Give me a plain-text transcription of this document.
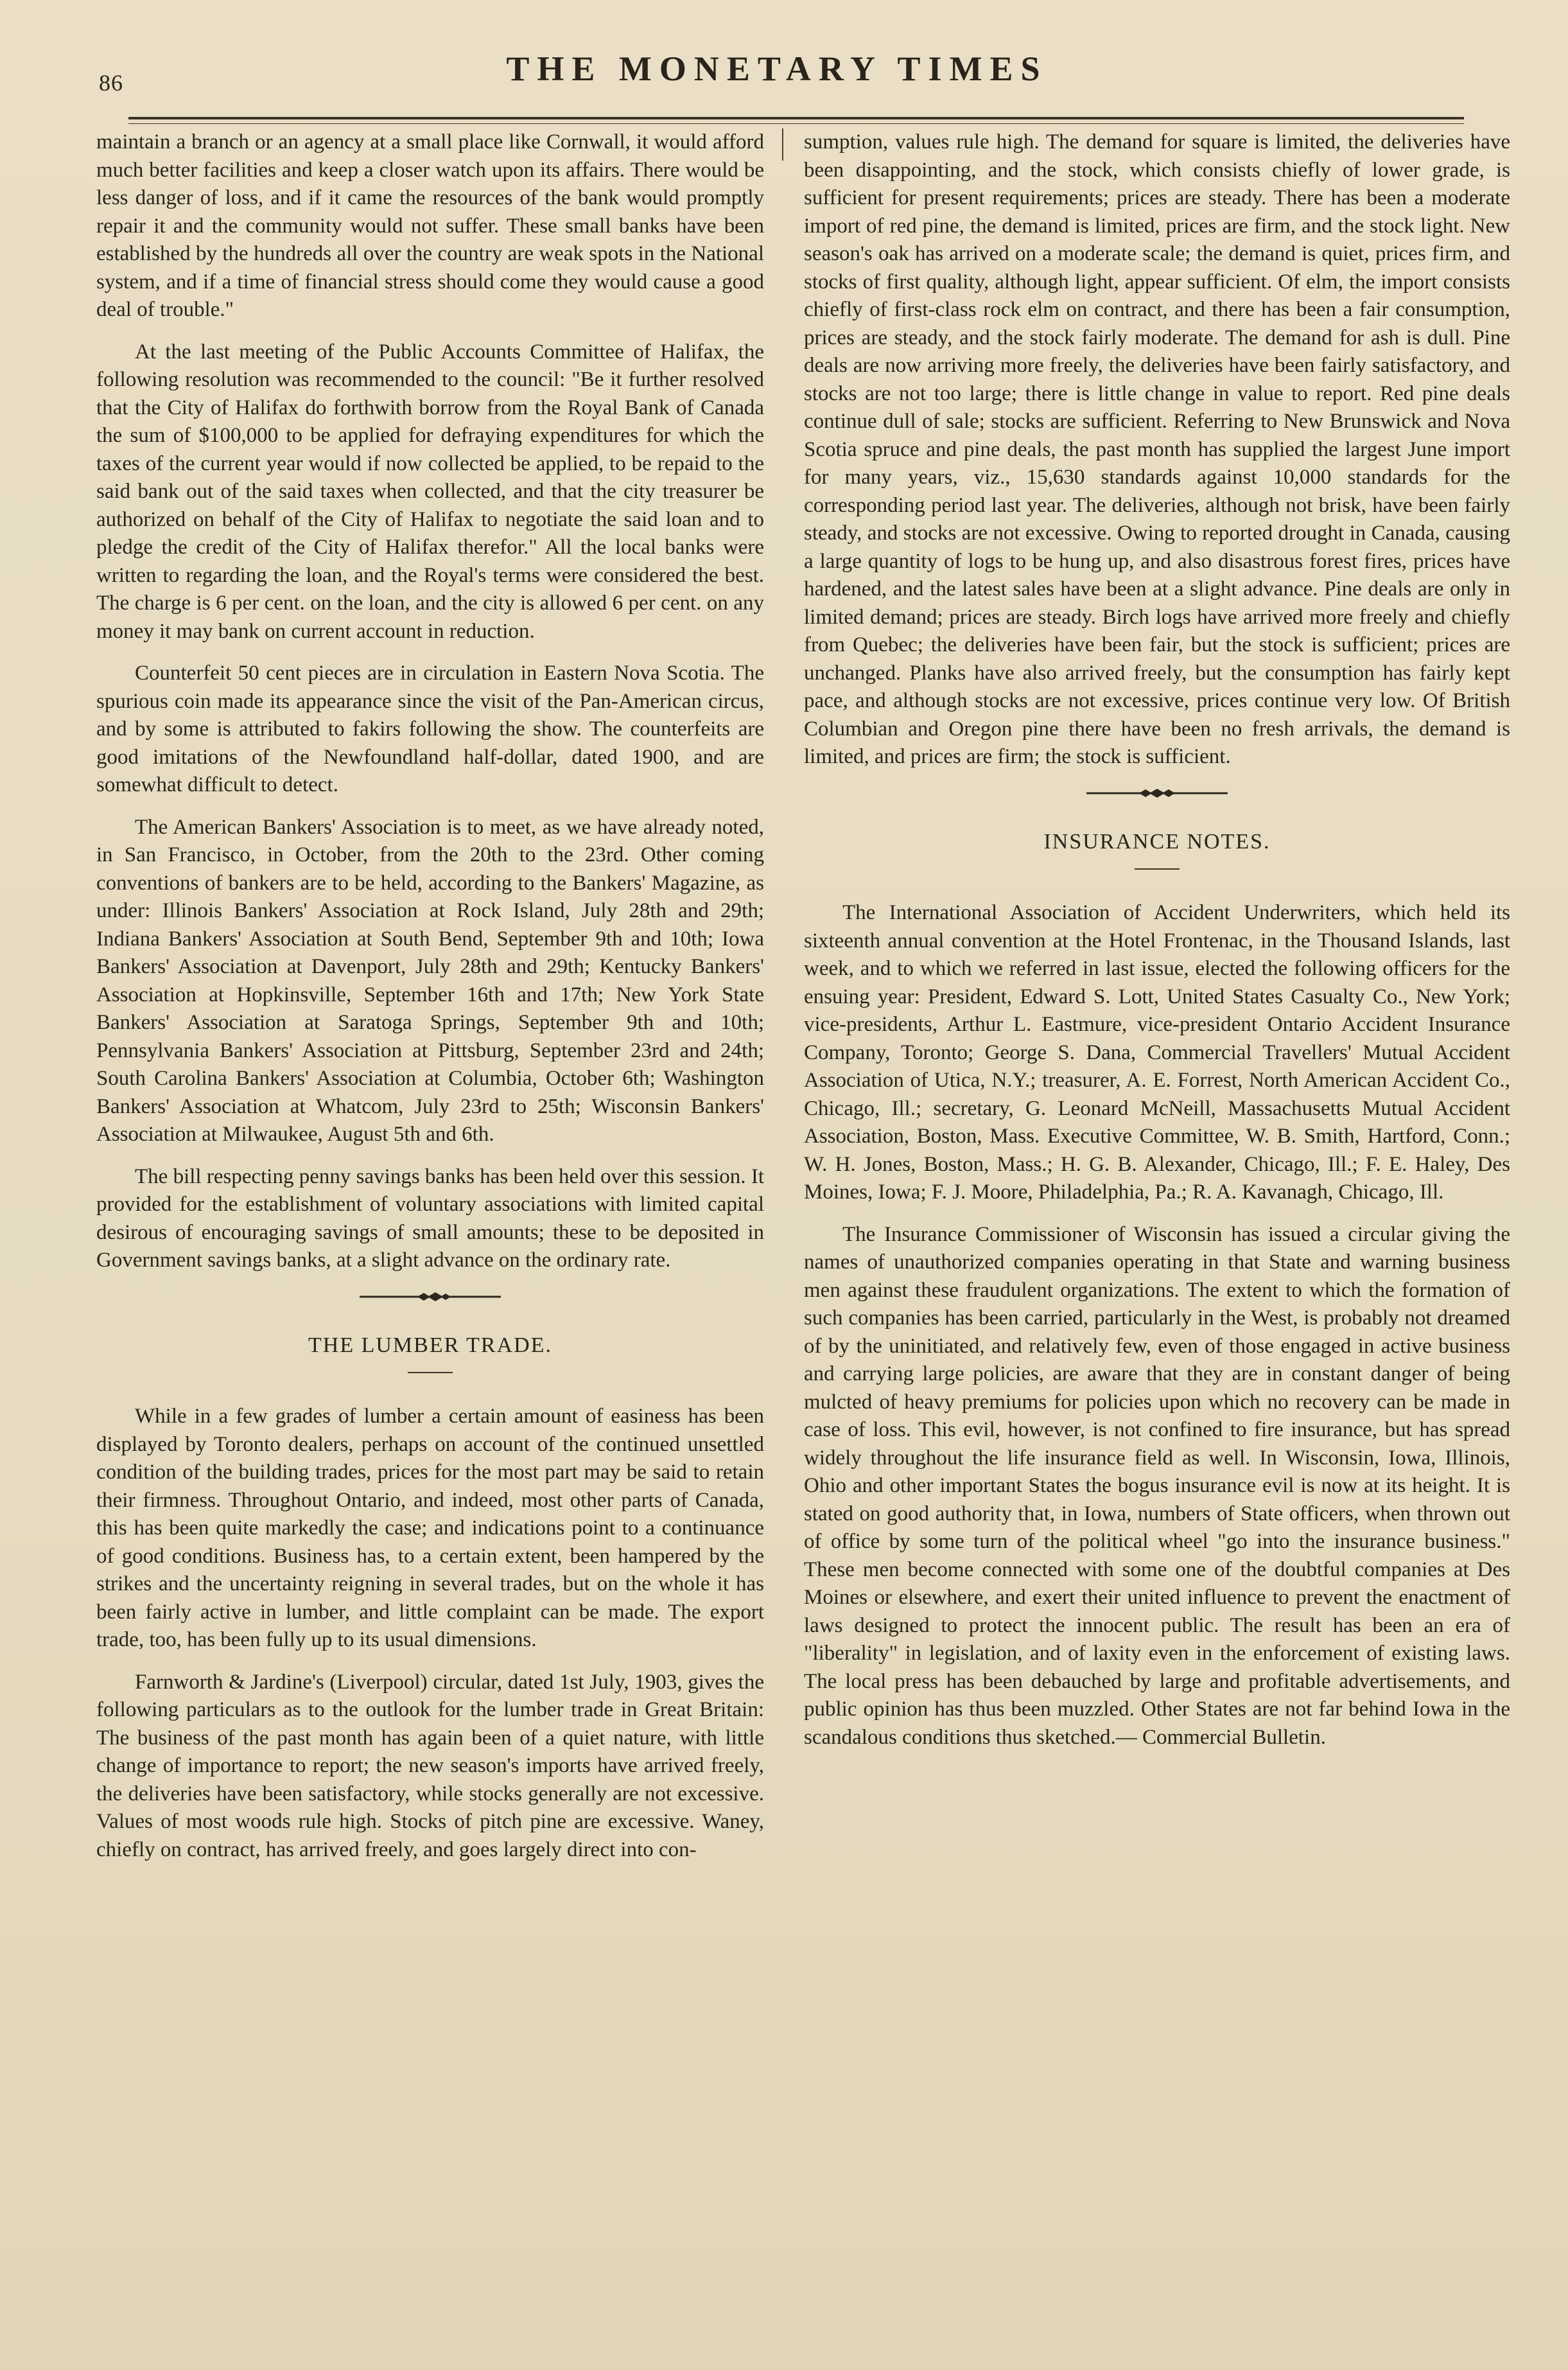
86	THE MONETARY TIMES

maintain a branch or an agency at a small place like Cornwall, it would afford much better facilities and keep a closer watch upon its affairs. There would be less danger of loss, and if it came the resources of the bank would promptly repair it and the community would not suffer. These small banks have been established by the hundreds all over the country are weak spots in the National system, and if a time of financial stress should come they would cause a good deal of trouble."

At the last meeting of the Public Accounts Committee of Halifax, the following resolution was recommended to the council: "Be it further resolved that the City of Halifax do forthwith borrow from the Royal Bank of Canada the sum of $100,000 to be applied for defraying expenditures for which the taxes of the current year would if now collected be applied, to be repaid to the said bank out of the said taxes when collected, and that the city treasurer be authorized on behalf of the City of Halifax to negotiate the said loan and to pledge the credit of the City of Halifax therefor." All the local banks were written to regarding the loan, and the Royal's terms were considered the best. The charge is 6 per cent. on the loan, and the city is allowed 6 per cent. on any money it may bank on current account in reduction.

Counterfeit 50 cent pieces are in circulation in Eastern Nova Scotia. The spurious coin made its appearance since the visit of the Pan-American circus, and by some is attributed to fakirs following the show. The counterfeits are good imitations of the Newfoundland half-dollar, dated 1900, and are somewhat difficult to detect.

The American Bankers' Association is to meet, as we have already noted, in San Francisco, in October, from the 20th to the 23rd. Other coming conventions of bankers are to be held, according to the Bankers' Magazine, as under: Illinois Bankers' Association at Rock Island, July 28th and 29th; Indiana Bankers' Association at South Bend, September 9th and 10th; Iowa Bankers' Association at Davenport, July 28th and 29th; Kentucky Bankers' Association at Hopkinsville, September 16th and 17th; New York State Bankers' Association at Saratoga Springs, September 9th and 10th; Pennsylvania Bankers' Association at Pittsburg, September 23rd and 24th; South Carolina Bankers' Association at Columbia, October 6th; Washington Bankers' Association at Whatcom, July 23rd to 25th; Wisconsin Bankers' Association at Milwaukee, August 5th and 6th.

The bill respecting penny savings banks has been held over this session. It provided for the establishment of voluntary associations with limited capital desirous of encouraging savings of small amounts; these to be deposited in Government savings banks, at a slight advance on the ordinary rate.

THE LUMBER TRADE.

While in a few grades of lumber a certain amount of easiness has been displayed by Toronto dealers, perhaps on account of the continued unsettled condition of the building trades, prices for the most part may be said to retain their firmness. Throughout Ontario, and indeed, most other parts of Canada, this has been quite markedly the case; and indications point to a continuance of good conditions. Business has, to a certain extent, been hampered by the strikes and the uncertainty reigning in several trades, but on the whole it has been fairly active in lumber, and little complaint can be made. The export trade, too, has been fully up to its usual dimensions.

Farnworth & Jardine's (Liverpool) circular, dated 1st July, 1903, gives the following particulars as to the outlook for the lumber trade in Great Britain: The business of the past month has again been of a quiet nature, with little change of importance to report; the new season's imports have arrived freely, the deliveries have been satisfactory, while stocks generally are not excessive. Values of most woods rule high. Stocks of pitch pine are excessive. Waney, chiefly on contract, has arrived freely, and goes largely direct into con-

sumption, values rule high. The demand for square is limited, the deliveries have been disappointing, and the stock, which consists chiefly of lower grade, is sufficient for present requirements; prices are steady. There has been a moderate import of red pine, the demand is limited, prices are firm, and the stock light. New season's oak has arrived on a moderate scale; the demand is quiet, prices firm, and stocks of first quality, although light, appear sufficient. Of elm, the import consists chiefly of first-class rock elm on contract, and there has been a fair consumption, prices are steady, and the stock fairly moderate. The demand for ash is dull. Pine deals are now arriving more freely, the deliveries have been fairly satisfactory, and stocks are not too large; there is little change in value to report. Red pine deals continue dull of sale; stocks are sufficient. Referring to New Brunswick and Nova Scotia spruce and pine deals, the past month has supplied the largest June import for many years, viz., 15,630 standards against 10,000 standards for the corresponding period last year. The deliveries, although not brisk, have been fairly steady, and stocks are not excessive. Owing to reported drought in Canada, causing a large quantity of logs to be hung up, and also disastrous forest fires, prices have hardened, and the latest sales have been at a slight advance. Pine deals are only in limited demand; prices are steady. Birch logs have arrived more freely and chiefly from Quebec; the deliveries have been fair, but the stock is sufficient; prices are unchanged. Planks have also arrived freely, but the consumption has fairly kept pace, and although stocks are not excessive, prices continue very low. Of British Columbian and Oregon pine there have been no fresh arrivals, the demand is limited, and prices are firm; the stock is sufficient.

INSURANCE NOTES.

The International Association of Accident Underwriters, which held its sixteenth annual convention at the Hotel Frontenac, in the Thousand Islands, last week, and to which we referred in last issue, elected the following officers for the ensuing year: President, Edward S. Lott, United States Casualty Co., New York; vice-presidents, Arthur L. Eastmure, vice-president Ontario Accident Insurance Company, Toronto; George S. Dana, Commercial Travellers' Mutual Accident Association of Utica, N.Y.; treasurer, A. E. Forrest, North American Accident Co., Chicago, Ill.; secretary, G. Leonard McNeill, Massachusetts Mutual Accident Association, Boston, Mass. Executive Committee, W. B. Smith, Hartford, Conn.; W. H. Jones, Boston, Mass.; H. G. B. Alexander, Chicago, Ill.; F. E. Haley, Des Moines, Iowa; F. J. Moore, Philadelphia, Pa.; R. A. Kavanagh, Chicago, Ill.

The Insurance Commissioner of Wisconsin has issued a circular giving the names of unauthorized companies operating in that State and warning business men against these fraudulent organizations. The extent to which the formation of such companies has been carried, particularly in the West, is probably not dreamed of by the uninitiated, and relatively few, even of those engaged in active business and carrying large policies, are aware that they are in constant danger of being mulcted of heavy premiums for policies upon which no recovery can be made in case of loss. This evil, however, is not confined to fire insurance, but has spread widely throughout the life insurance field as well. In Wisconsin, Iowa, Illinois, Ohio and other important States the bogus insurance evil is now at its height. It is stated on good authority that, in Iowa, numbers of State officers, when thrown out of office by some turn of the political wheel "go into the insurance business." These men become connected with some one of the doubtful companies at Des Moines or elsewhere, and exert their united influence to prevent the enactment of laws designed to protect the innocent public. The result has been an era of "liberality" in legislation, and of laxity even in the enforcement of existing laws. The local press has been debauched by large and profitable advertisements, and public opinion has thus been muzzled. Other States are not far behind Iowa in the scandalous conditions thus sketched.— Commercial Bulletin.
